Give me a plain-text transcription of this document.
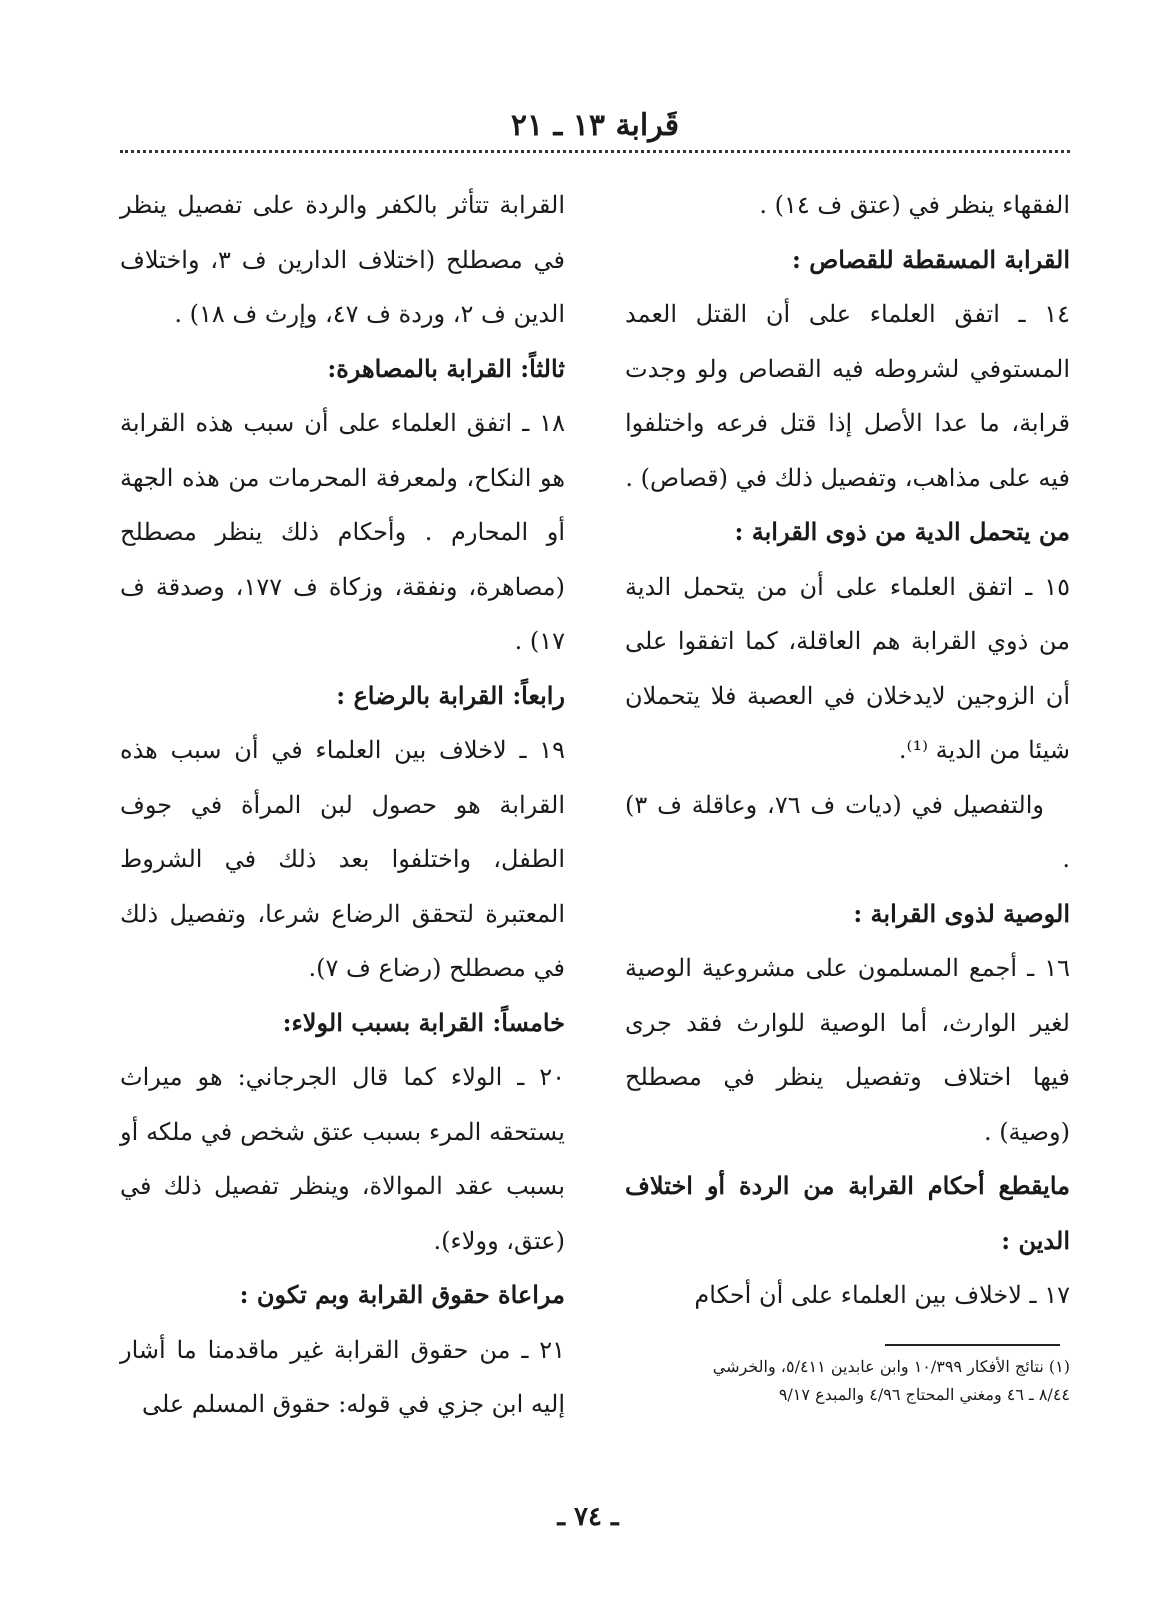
قَرابة ١٣ ـ ٢١

الفقهاء ينظر في (عتق ف ١٤) .

القرابة المسقطة للقصاص :

١٤ ـ اتفق العلماء على أن القتل العمد المستوفي لشروطه فيه القصاص ولو وجدت قرابة، ما عدا الأصل إذا قتل فرعه واختلفوا فيه على مذاهب، وتفصيل ذلك في (قصاص) .

من يتحمل الدية من ذوى القرابة :

١٥ ـ اتفق العلماء على أن من يتحمل الدية من ذوي القرابة هم العاقلة، كما اتفقوا على أن الزوجين لايدخلان في العصبة فلا يتحملان شيئا من الدية ⁽¹⁾.

والتفصيل في (ديات ف ٧٦، وعاقلة ف ٣) .

الوصية لذوى القرابة :

١٦ ـ أجمع المسلمون على مشروعية الوصية لغير الوارث، أما الوصية للوارث فقد جرى فيها اختلاف وتفصيل ينظر في مصطلح (وصية) .

مايقطع أحكام القرابة من الردة أو اختلاف الدين :

١٧ ـ لاخلاف بين العلماء على أن أحكام

القرابة تتأثر بالكفر والردة على تفصيل ينظر في مصطلح (اختلاف الدارين ف ٣، واختلاف الدين ف ٢، وردة ف ٤٧، وإرث ف ١٨) .

ثالثاً: القرابة بالمصاهرة:

١٨ ـ اتفق العلماء على أن سبب هذه القرابة هو النكاح، ولمعرفة المحرمات من هذه الجهة أو المحارم . وأحكام ذلك ينظر مصطلح (مصاهرة، ونفقة، وزكاة ف ١٧٧، وصدقة ف ١٧) .

رابعاً: القرابة بالرضاع :

١٩ ـ لاخلاف بين العلماء في أن سبب هذه القرابة هو حصول لبن المرأة في جوف الطفل، واختلفوا بعد ذلك في الشروط المعتبرة لتحقق الرضاع شرعا، وتفصيل ذلك في مصطلح (رضاع ف ٧).

خامساً: القرابة بسبب الولاء:

٢٠ ـ الولاء كما قال الجرجاني: هو ميراث يستحقه المرء بسبب عتق شخص في ملكه أو بسبب عقد الموالاة، وينظر تفصيل ذلك في (عتق، وولاء).

مراعاة حقوق القرابة وبم تكون :

٢١ ـ من حقوق القرابة غير ماقدمنا ما أشار إليه ابن جزي في قوله: حقوق المسلم على

(١) نتائج الأفكار ١٠/٣٩٩ وابن عابدين ٥/٤١١، والخرشي

٨/٤٤ ـ ٤٦ ومغني المحتاج ٤/٩٦ والمبدع ٩/١٧

ـ ٧٤ ـ
